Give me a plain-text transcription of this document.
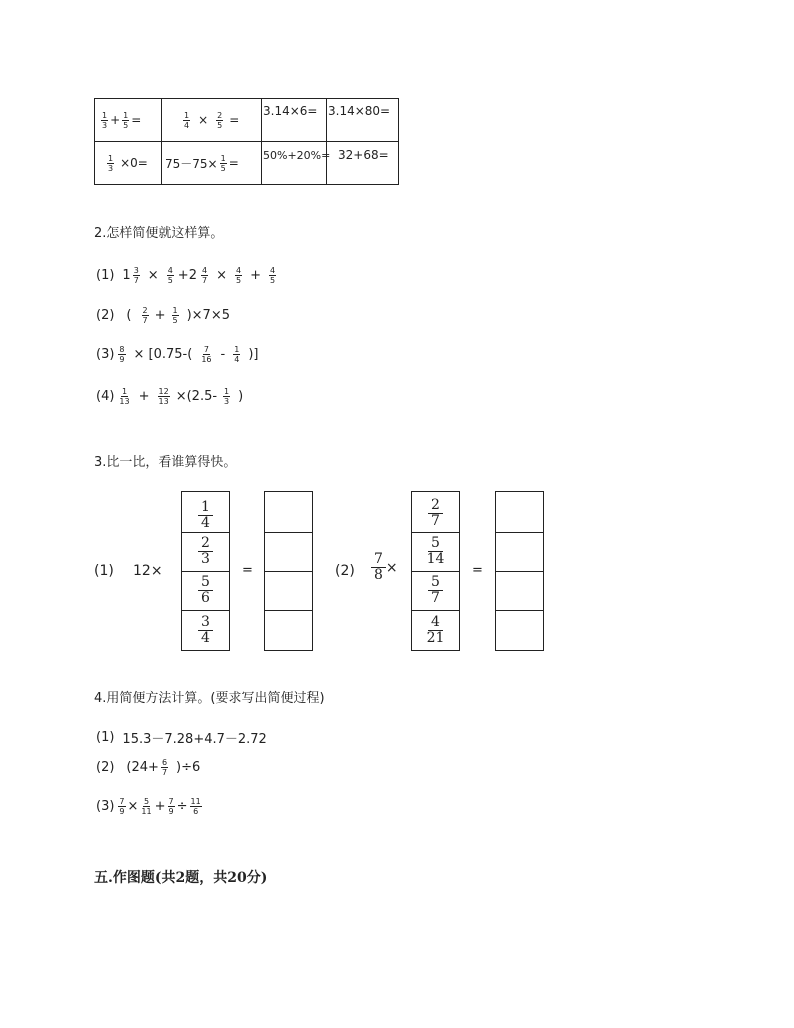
$\frac{1}{3} + \frac{1}{5}$ =	$\frac{1}{4} \times \frac{2}{5}$ =
3.14×6= 3.14×80=
$\frac{1}{3} \times 0= 75-75\times \frac{1}{5}$ =
50%+20%= 32+68=
2.怎样简便就这样算。
(1) $1 \frac{3}{7} \times \frac{4}{5} +2 \frac{4}{7} \times \frac{4}{5} + \frac{4}{5}$
(2) ( $\frac{2}{7} + \frac{1}{5} )\times 7\times 5$
$(3) \frac{8}{9} \times [0.75-( \frac{7}{16} - \frac{1}{4}$ )]
$(4) \frac{1}{13} + \frac{12}{13} \times(2.5- \frac{1}{3}$ )
3.比一比，看谁算得快。
(1) 12×
$\frac{1}{4}$
$\frac{2}{3}$
$\frac{5}{6}$
$\frac{3}{4}$
=	$(2) \frac{7}{8}$ ×
$\frac{2}{7}$
$\frac{5}{14}$
$\frac{5}{7}$
$\frac{4}{21}$
=
4.用简便方法计算。(要求写出简便过程)
(1) 15.3－7.28+4.7－2.72
(2) $(24+ \frac{6}{7} )\div 6$
$(3) \frac{7}{9} \times \frac{5}{11} + \frac{7}{9} \div \frac{11}{6}$
五.作图题(共2题，共20分)
